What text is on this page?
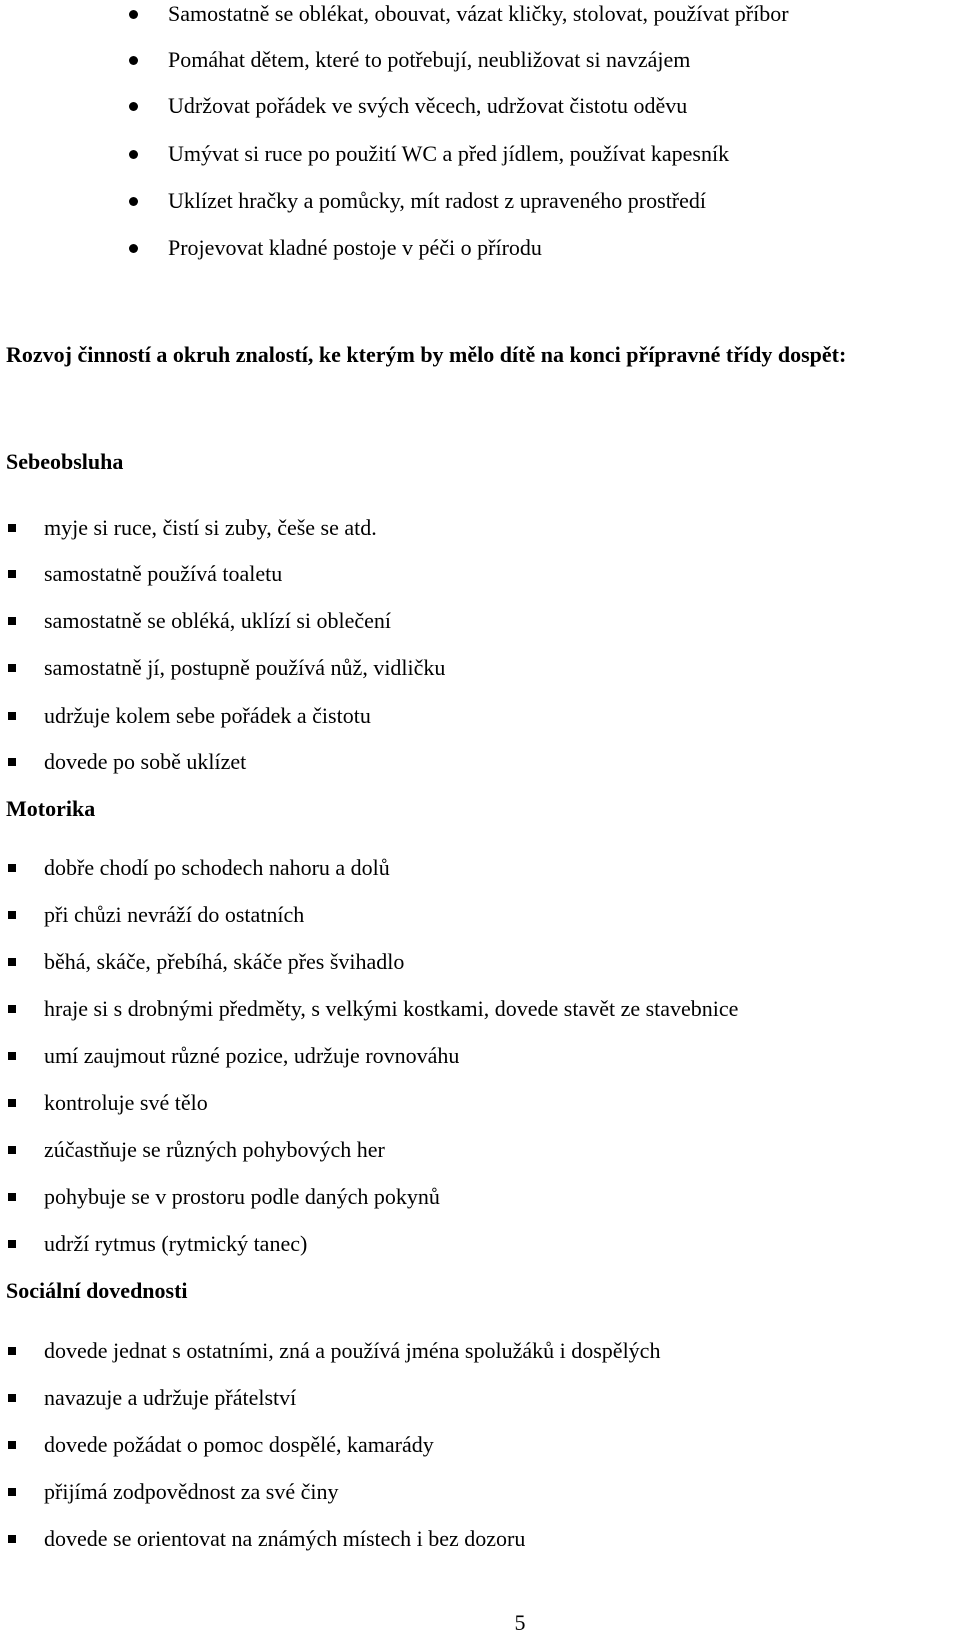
Samostatně se oblékat, obouvat, vázat kličky, stolovat, používat příbor
Pomáhat dětem, které to potřebují, neubližovat si navzájem
Udržovat pořádek ve svých věcech, udržovat čistotu oděvu
Umývat si ruce po použití WC a před jídlem, používat kapesník
Uklízet hračky a pomůcky, mít radost z upraveného prostředí
Projevovat kladné postoje v péči o přírodu
Rozvoj činností a okruh znalostí, ke kterým by mělo dítě na konci přípravné třídy dospět:
Sebeobsluha
myje si ruce, čistí si zuby, češe se atd.
samostatně používá toaletu
samostatně se obléká, uklízí si oblečení
samostatně jí, postupně používá nůž, vidličku
udržuje kolem sebe pořádek a čistotu
dovede po sobě uklízet
Motorika
dobře chodí po schodech nahoru a dolů
při chůzi nevráží do ostatních
běhá, skáče, přebíhá, skáče přes švihadlo
hraje si s drobnými předměty, s velkými kostkami, dovede stavět ze stavebnice
umí zaujmout různé pozice, udržuje rovnováhu
kontroluje své tělo
zúčastňuje se různých pohybových her
pohybuje se v prostoru podle daných pokynů
udrží rytmus (rytmický tanec)
Sociální dovednosti
dovede jednat s ostatními, zná a používá jména spolužáků i dospělých
navazuje a udržuje přátelství
dovede požádat o pomoc dospělé, kamarády
přijímá zodpovědnost za své činy
dovede se orientovat na známých místech i bez dozoru
5
